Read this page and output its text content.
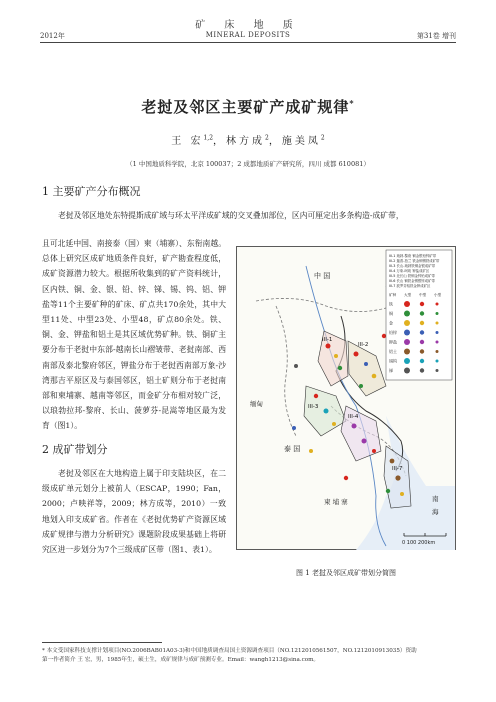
矿 床 地 质
2012年	MINERAL DEPOSITS	第31卷 增刊
老挝及邻区主要矿产成矿规律*
王 宏$^{1,2}$，林方成$^2$，施美凤$^2$
（1 中国地质科学院，北京 100037；2 成都地质矿产研究所，四川 成都 610081）
1 主要矿产分布概况
老挝及邻区地处东特提斯成矿域与环太平洋成矿域的交叉叠加部位，区内可厘定出多条构造-成矿带，
且可北延中国、南接泰（国）柬（埔寨）、东衔南越。总体上研究区成矿地质条件良好，矿产勘查程度低，成矿资源潜力较大。根据所收集到的矿产资料统计，区内铁、铜、金、银、铅、锌、锑、锡、钨、铝、钾盐等11个主要矿种的矿床、矿点共170余处，其中大型11处、中型23处、小型48，矿点80余处。铁、铜、金、钾盐和铝土是其区域优势矿种。铁、铜矿主要分布于老挝中东部-越南长山褶皱带、老挝南部、西南部及泰北黎府邻区，钾盐分布于老挝西南部万象-沙湾那吉平原区及与泰国邻区，铝土矿则分布于老挝南部和柬埔寨、越南等邻区，而金矿分布相对较广泛，以琅勃拉邦-黎府、长山、菠萝芬-昆嵩等地区最为发育（图1）。
2 成矿带划分
老挝及邻区在大地构造上属于印支陆块区，在二级成矿单元划分上被前人（ESCAP，1990；Fan，2000；卢映祥等，2009；林方成等，2010）一致地划入印支成矿省。作者在《老挝优势矿产资源区域成矿规律与潜力分析研究》课题阶段成果基础上将研究区进一步划分为7个三级成矿区带（图1、表1）。
中 国
缅甸
泰 国
柬 埔 寨	南
海
III-1
III-2
III-3
III-4
III-7
III-1 琅勃-黎府 铜金银铅锌矿带
III-2 迦普-拍兰 铁金铜锡铁成矿带
III-3 长山-琅勃铁铜金银成矿带
III-4 万象-呵叻 钾盐成矿区
III-5 北长山 铁铜金锌铅成矿带
III-6 长山 铜铁金锡银锌成矿带
III-7 波罗芬铝铁金钾成矿区
矿种 大型 中型 小型
铁
铜
金
铅锌
钾盐
铝土
锡钨
锑
0 100 200km
图 1 老挝及邻区成矿带划分简图
* 本文受国家科技支撑计划项目(NO.2006BAB01A03-3)和中国地质调查局国土资源调查项目（NO.1212010561507，NO.1212010913035）资助
第一作者简介 王 宏，男，1985年生，硕士生，成矿规律与成矿预测专业。Email：wangh1213@sina.com。
